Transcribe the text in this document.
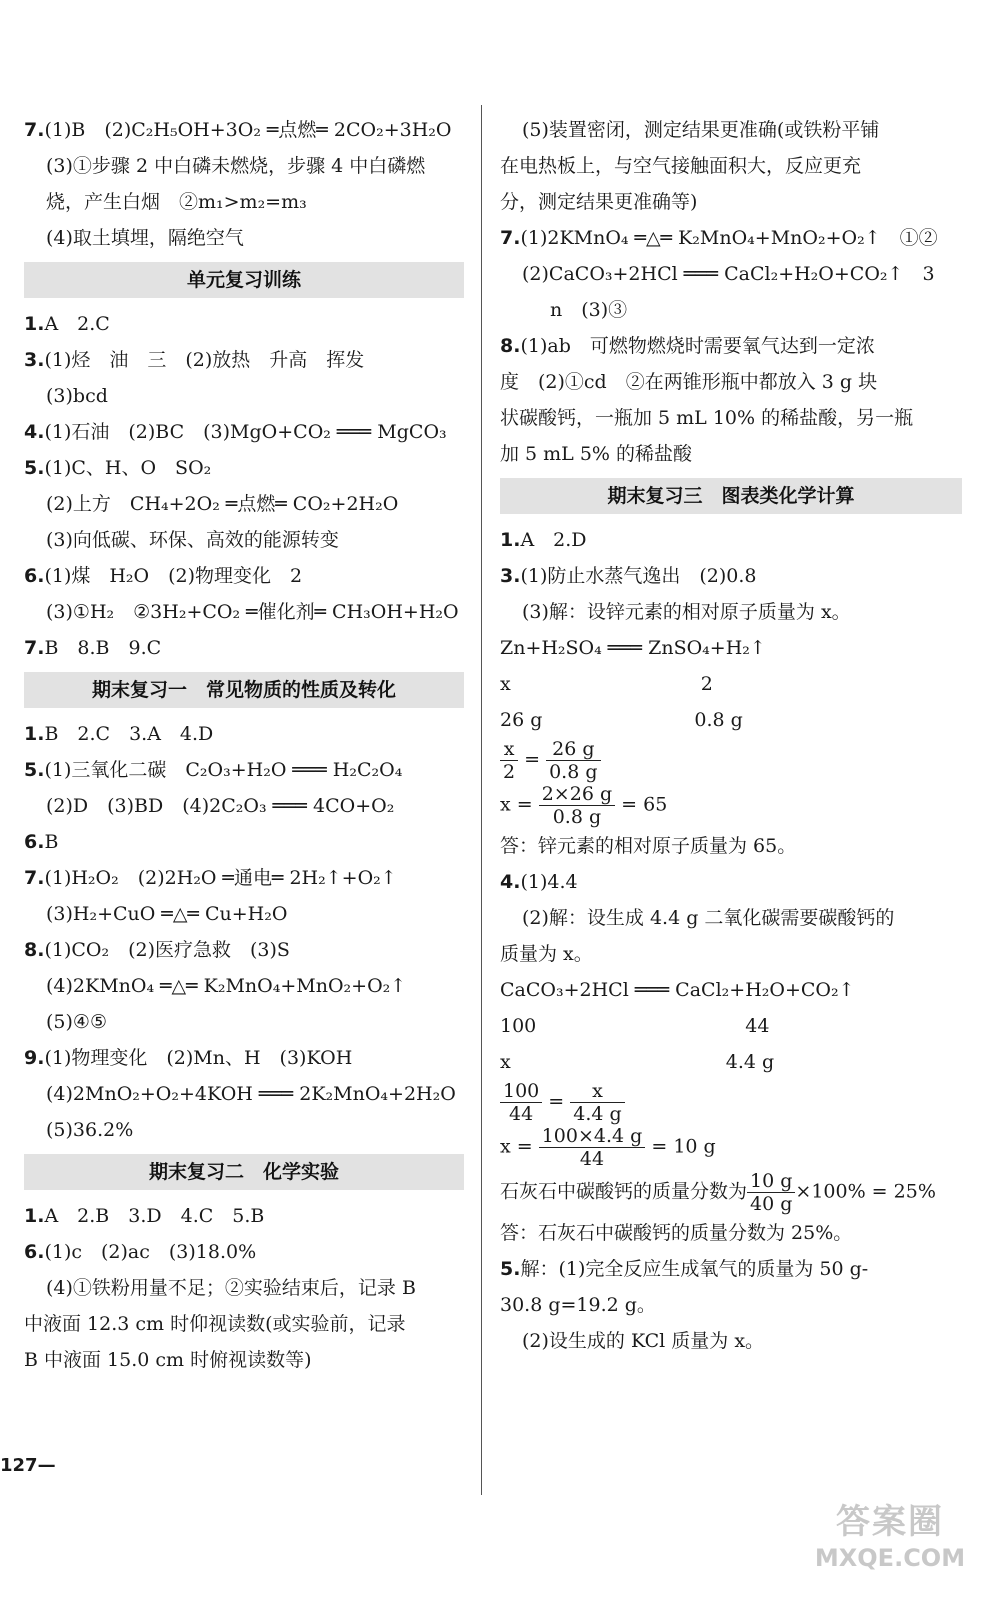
7.(1)B　(2)C₂H₅OH+3O₂ ═点燃═ 2CO₂+3H₂O
(3)①步骤 2 中白磷未燃烧，步骤 4 中白磷燃
烧，产生白烟　②m₁>m₂=m₃
(4)取土填埋，隔绝空气
单元复习训练
1.A　2.C
3.(1)烃　油　三　(2)放热　升高　挥发
(3)bcd
4.(1)石油　(2)BC　(3)MgO+CO₂ ═══ MgCO₃
5.(1)C、H、O　SO₂
(2)上方　CH₄+2O₂ ═点燃═ CO₂+2H₂O
(3)向低碳、环保、高效的能源转变
6.(1)煤　H₂O　(2)物理变化　2
(3)①H₂　②3H₂+CO₂ ═催化剂═ CH₃OH+H₂O
7.B　8.B　9.C
期末复习一　常见物质的性质及转化
1.B　2.C　3.A　4.D
5.(1)三氧化二碳　C₂O₃+H₂O ═══ H₂C₂O₄
(2)D　(3)BD　(4)2C₂O₃ ═══ 4CO+O₂
6.B
7.(1)H₂O₂　(2)2H₂O ═通电═ 2H₂↑+O₂↑
(3)H₂+CuO ═△═ Cu+H₂O
8.(1)CO₂　(2)医疗急救　(3)S
(4)2KMnO₄ ═△═ K₂MnO₄+MnO₂+O₂↑
(5)④⑤
9.(1)物理变化　(2)Mn、H　(3)KOH
(4)2MnO₂+O₂+4KOH ═══ 2K₂MnO₄+2H₂O
(5)36.2%
期末复习二　化学实验
1.A　2.B　3.D　4.C　5.B
6.(1)c　(2)ac　(3)18.0%
(4)①铁粉用量不足；②实验结束后，记录 B
中液面 12.3 cm 时仰视读数(或实验前，记录
B 中液面 15.0 cm 时俯视读数等)
(5)装置密闭，测定结果更准确(或铁粉平铺
在电热板上，与空气接触面积大，反应更充
分，测定结果更准确等)
7.(1)2KMnO₄ ═△═ K₂MnO₄+MnO₂+O₂↑　①②
(2)CaCO₃+2HCl ═══ CaCl₂+H₂O+CO₂↑　3
n　(3)③
8.(1)ab　可燃物燃烧时需要氧气达到一定浓
度　(2)①cd　②在两锥形瓶中都放入 3 g 块
状碳酸钙，一瓶加 5 mL 10% 的稀盐酸，另一瓶
加 5 mL 5% 的稀盐酸
期末复习三　图表类化学计算
1.A　2.D
3.(1)防止水蒸气逸出　(2)0.8
(3)解：设锌元素的相对原子质量为 x。
Zn+H₂SO₄ ═══ ZnSO₄+H₂↑
x　　　　　　　　　　2
26 g　　　　　　　　0.8 g
$\frac{x}{2} = \frac{26 g}{0.8 g}$
$x = \frac{2\times 26 g}{0.8 g} = 65$
答：锌元素的相对原子质量为 65。
4.(1)4.4
(2)解：设生成 4.4 g 二氧化碳需要碳酸钙的
质量为 x。
CaCO₃+2HCl ═══ CaCl₂+H₂O+CO₂↑
100　　　　　　　　　　　44
x　　　　　　　　　　　 4.4 g
$\frac{100}{44} = \frac{x}{4.4 g}$
$x = \frac{100\times 4.4 g}{44} = 10$ g
石灰石中碳酸钙的质量分数为 $\frac{10 g}{40 g} \times 100\% = 25\%$
答：石灰石中碳酸钙的质量分数为 25%。
5.解：(1)完全反应生成氧气的质量为 50 g-
30.8 g=19.2 g。
(2)设生成的 KCl 质量为 x。
127—
答案圈
MXQE.COM
